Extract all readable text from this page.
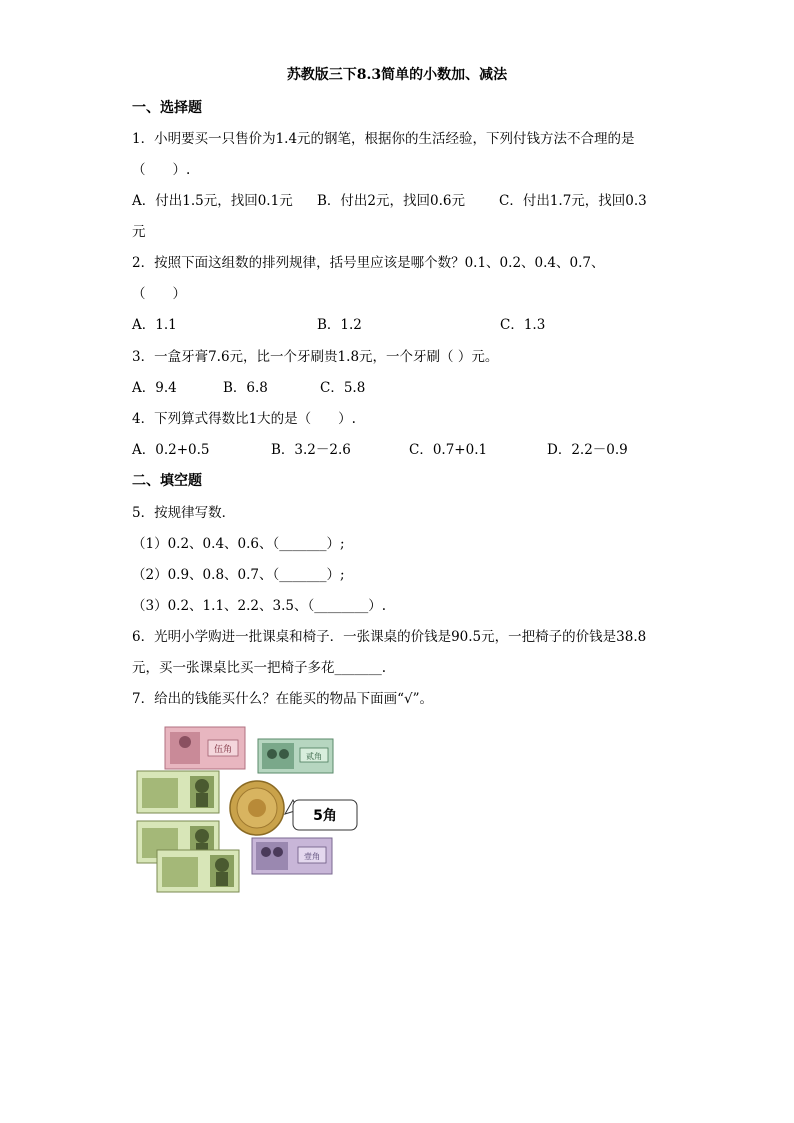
苏教版三下8.3简单的小数加、减法
一、选择题
1．小明要买一只售价为1.4元的钢笔，根据你的生活经验，下列付钱方法不合理的是
（　　）.
A．付出1.5元，找回0.1元 B．付出2元，找回0.6元	C．付出1.7元，找回0.3
元
2．按照下面这组数的排列规律，括号里应该是哪个数？0.1、0.2、0.4、0.7、
（　　）
A．1.1	B．1.2	C．1.3
3．一盒牙膏7.6元，比一个牙刷贵1.8元，一个牙刷（ ）元。
A．9.4	B．6.8	C．5.8
4．下列算式得数比1大的是（　　）.
A．0.2+0.5	B．3.2－2.6	C．0.7+0.1	D．2.2－0.9
二、填空题
5．按规律写数．
（1）0.2、0.4、0.6、（_______）;
（2）0.9、0.8、0.7、（_______）;
（3）0.2、1.1、2.2、3.5、（________）.
6．光明小学购进一批课桌和椅子．一张课桌的价钱是90.5元，一把椅子的价钱是38.8
元，买一张课桌比买一把椅子多花_______.
7．给出的钱能买什么？在能买的物品下面画“√”。
伍角
贰角
5角
壹角
